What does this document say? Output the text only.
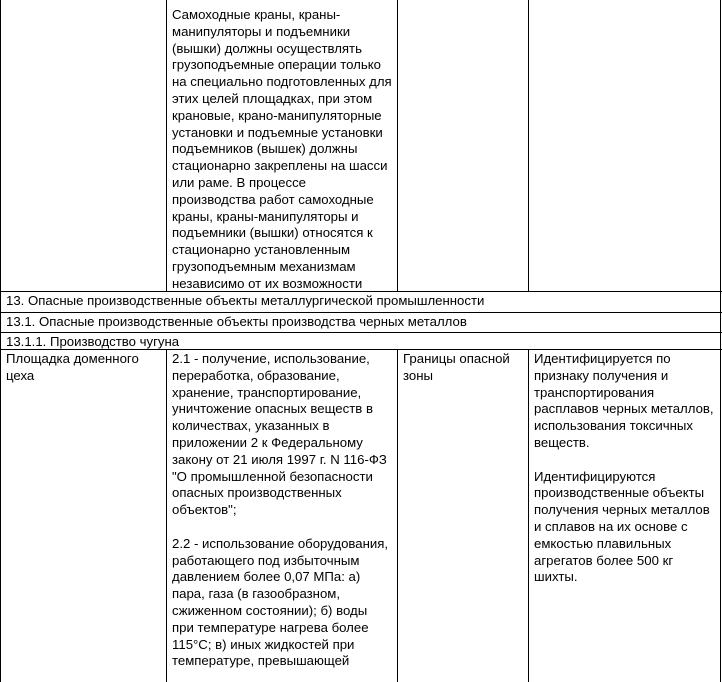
Самоходные краны, краны-манипуляторы и подъемники (вышки) должны осуществлять грузоподъемные операции только на специально подготовленных для этих целей площадках, при этом крановые, крано-манипуляторные установки и подъемные установки подъемников (вышек) должны стационарно закреплены на шасси или раме. В процессе производства работ самоходные краны, краны-манипуляторы и подъемники (вышки) относятся к стационарно установленным грузоподъемным механизмам независимо от их возможности

13. Опасные производственные объекты металлургической промышленности
13.1. Опасные производственные объекты производства черных металлов
13.1.1. Производство чугуна

Площадка доменного цеха

2.1 - получение, использование, переработка, образование, хранение, транспортирование, уничтожение опасных веществ в количествах, указанных в приложении 2 к Федеральному закону от 21 июля 1997 г. N 116-ФЗ "О промышленной безопасности опасных производственных объектов";

2.2 - использование оборудования, работающего под избыточным давлением более 0,07 МПа: а) пара, газа (в газообразном, сжиженном состоянии); б) воды при температуре нагрева более 115°С; в) иных жидкостей при температуре, превышающей

Границы опасной зоны

Идентифицируется по признаку получения и транспортирования расплавов черных металлов, использования токсичных веществ.

Идентифицируются производственные объекты получения черных металлов и сплавов на их основе с емкостью плавильных агрегатов более 500 кг шихты.
